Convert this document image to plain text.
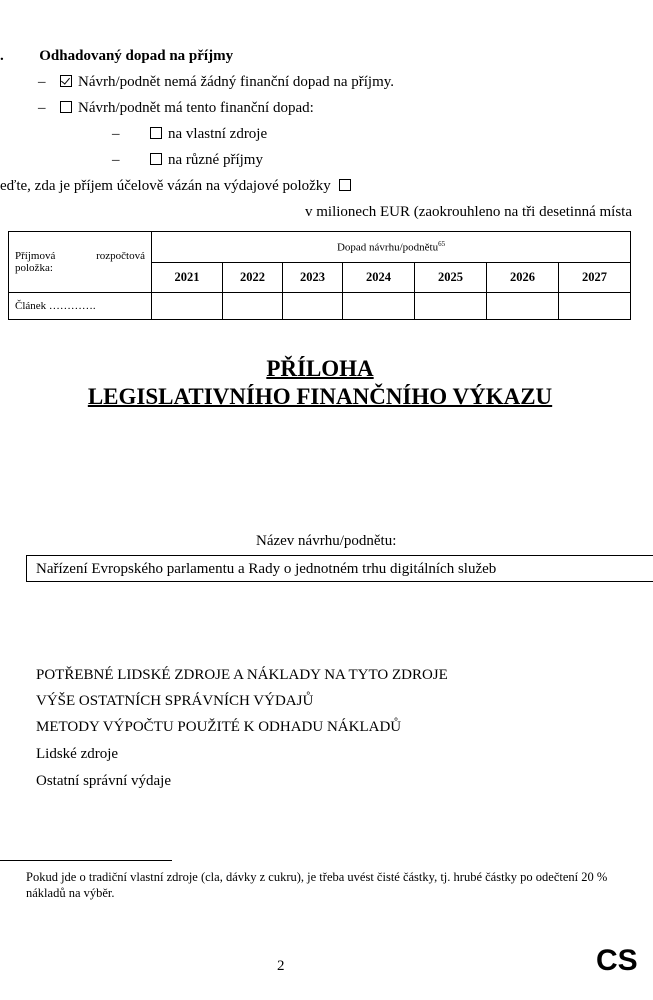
. Odhadovaný dopad na příjmy
– Návrh/podnět nemá žádný finanční dopad na příjmy.
– Návrh/podnět má tento finanční dopad:
–	na vlastní zdroje
–	na různé příjmy
eďte, zda je příjem účelově vázán na výdajové položky
v milionech EUR (zaokrouhleno na tři desetinná místa
Příjmová rozpočtová
položka:	Dopad návrhu/podnětu$^{65}$
	2021	2022	2023	2024	2025	2026	2027
Článek ………….							
PŘÍLOHA
LEGISLATIVNÍHO FINANČNÍHO VÝKAZU
Název návrhu/podnětu:
Nařízení Evropského parlamentu a Rady o jednotném trhu digitálních služeb
POTŘEBNÉ LIDSKÉ ZDROJE A NÁKLADY NA TYTO ZDROJE
VÝŠE OSTATNÍCH SPRÁVNÍCH VÝDAJŮ
METODY VÝPOČTU POUŽITÉ K ODHADU NÁKLADŮ
Lidské zdroje
Ostatní správní výdaje
Pokud jde o tradiční vlastní zdroje (cla, dávky z cukru), je třeba uvést čisté částky, tj. hrubé částky po odečtení 20 %
nákladů na výběr.
2	CS
